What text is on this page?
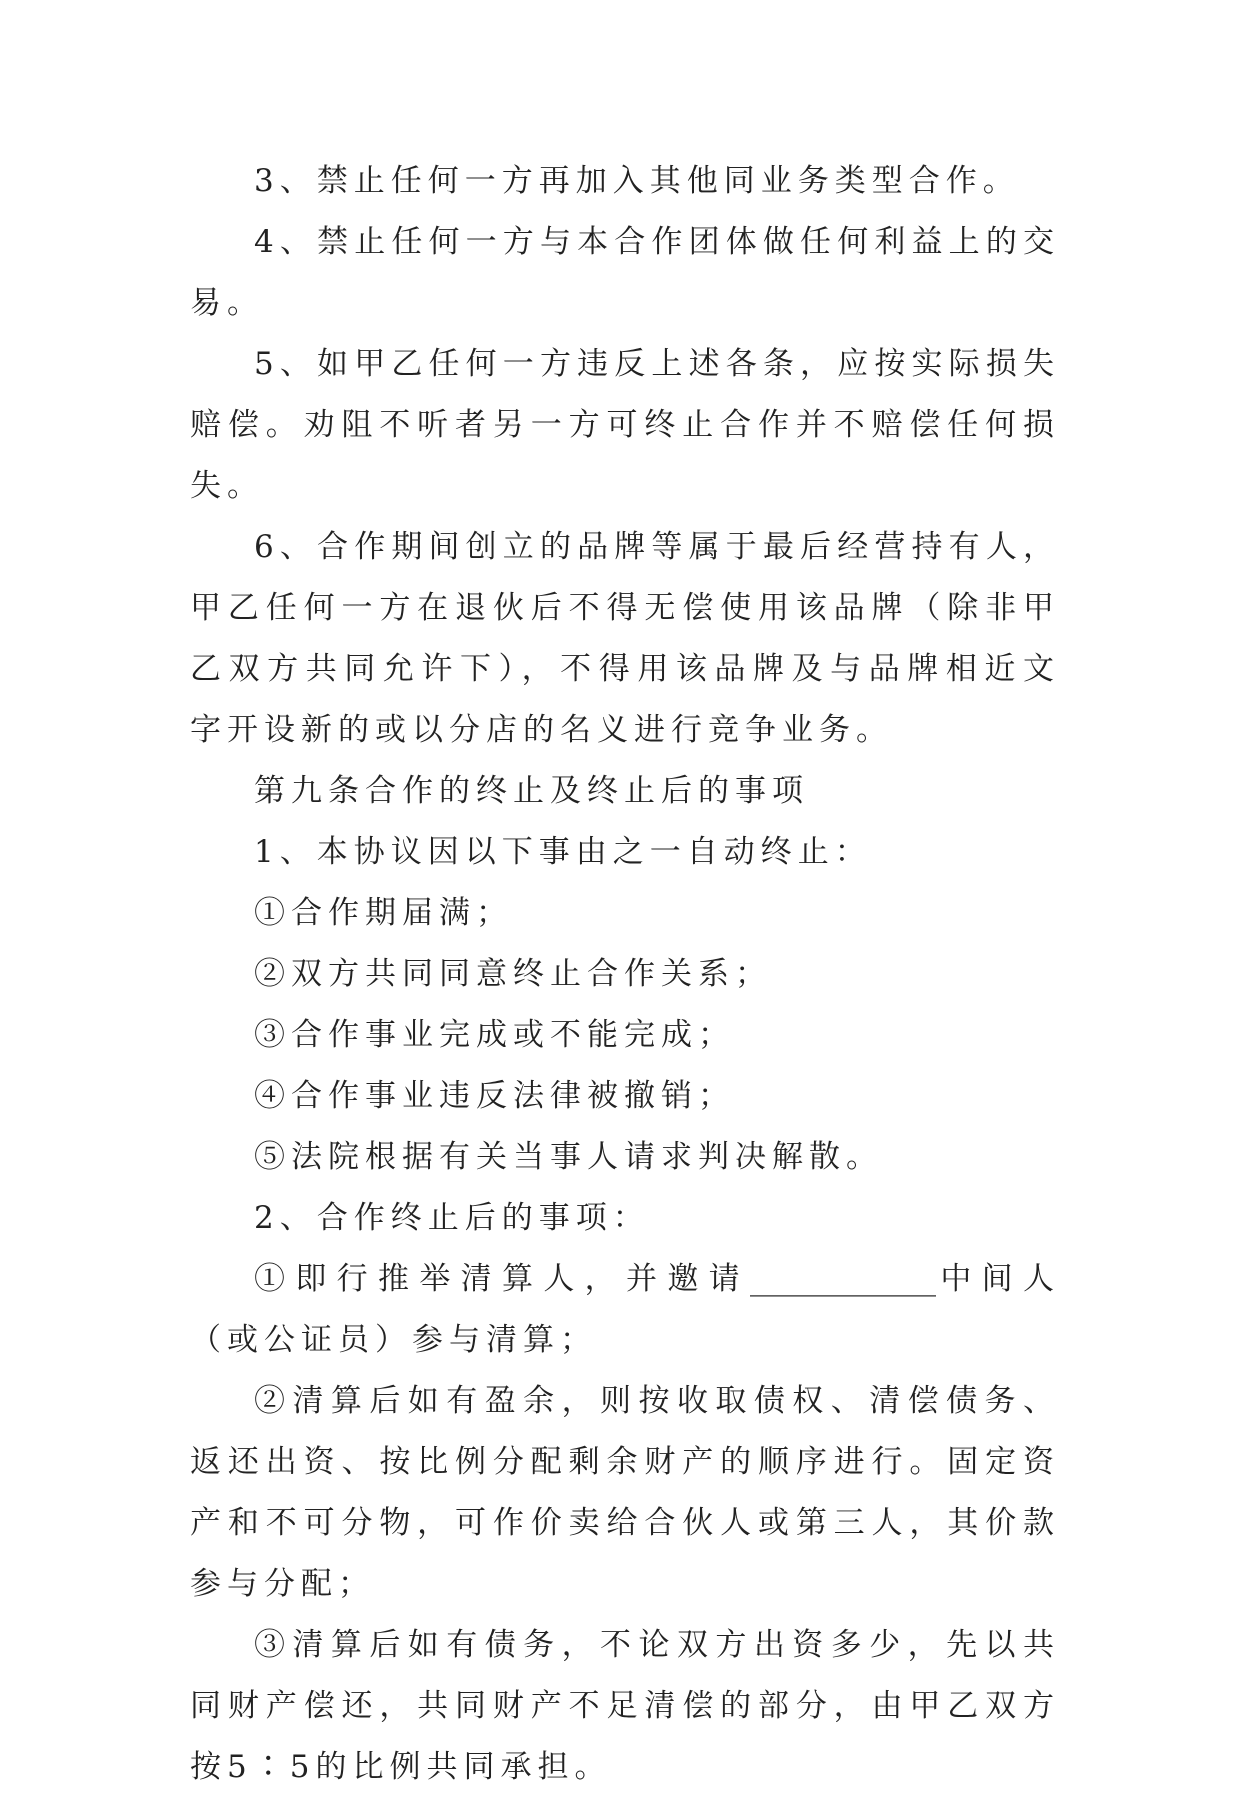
3、禁止任何一方再加入其他同业务类型合作。

4、禁止任何一方与本合作团体做任何利益上的交易。

5、如甲乙任何一方违反上述各条，应按实际损失赔偿。劝阻不听者另一方可终止合作并不赔偿任何损失。

6、合作期间创立的品牌等属于最后经营持有人，甲乙任何一方在退伙后不得无偿使用该品牌（除非甲乙双方共同允许下），不得用该品牌及与品牌相近文字开设新的或以分店的名义进行竞争业务。

第九条合作的终止及终止后的事项

1、本协议因以下事由之一自动终止：

①合作期届满；

②双方共同同意终止合作关系；

③合作事业完成或不能完成；

④合作事业违反法律被撤销；

⑤法院根据有关当事人请求判决解散。

2、合作终止后的事项：

①即行推举清算人，并邀请____________中间人（或公证员）参与清算；

②清算后如有盈余，则按收取债权、清偿债务、返还出资、按比例分配剩余财产的顺序进行。固定资产和不可分物，可作价卖给合伙人或第三人，其价款参与分配；

③清算后如有债务，不论双方出资多少，先以共同财产偿还，共同财产不足清偿的部分，由甲乙双方按5∶5的比例共同承担。
